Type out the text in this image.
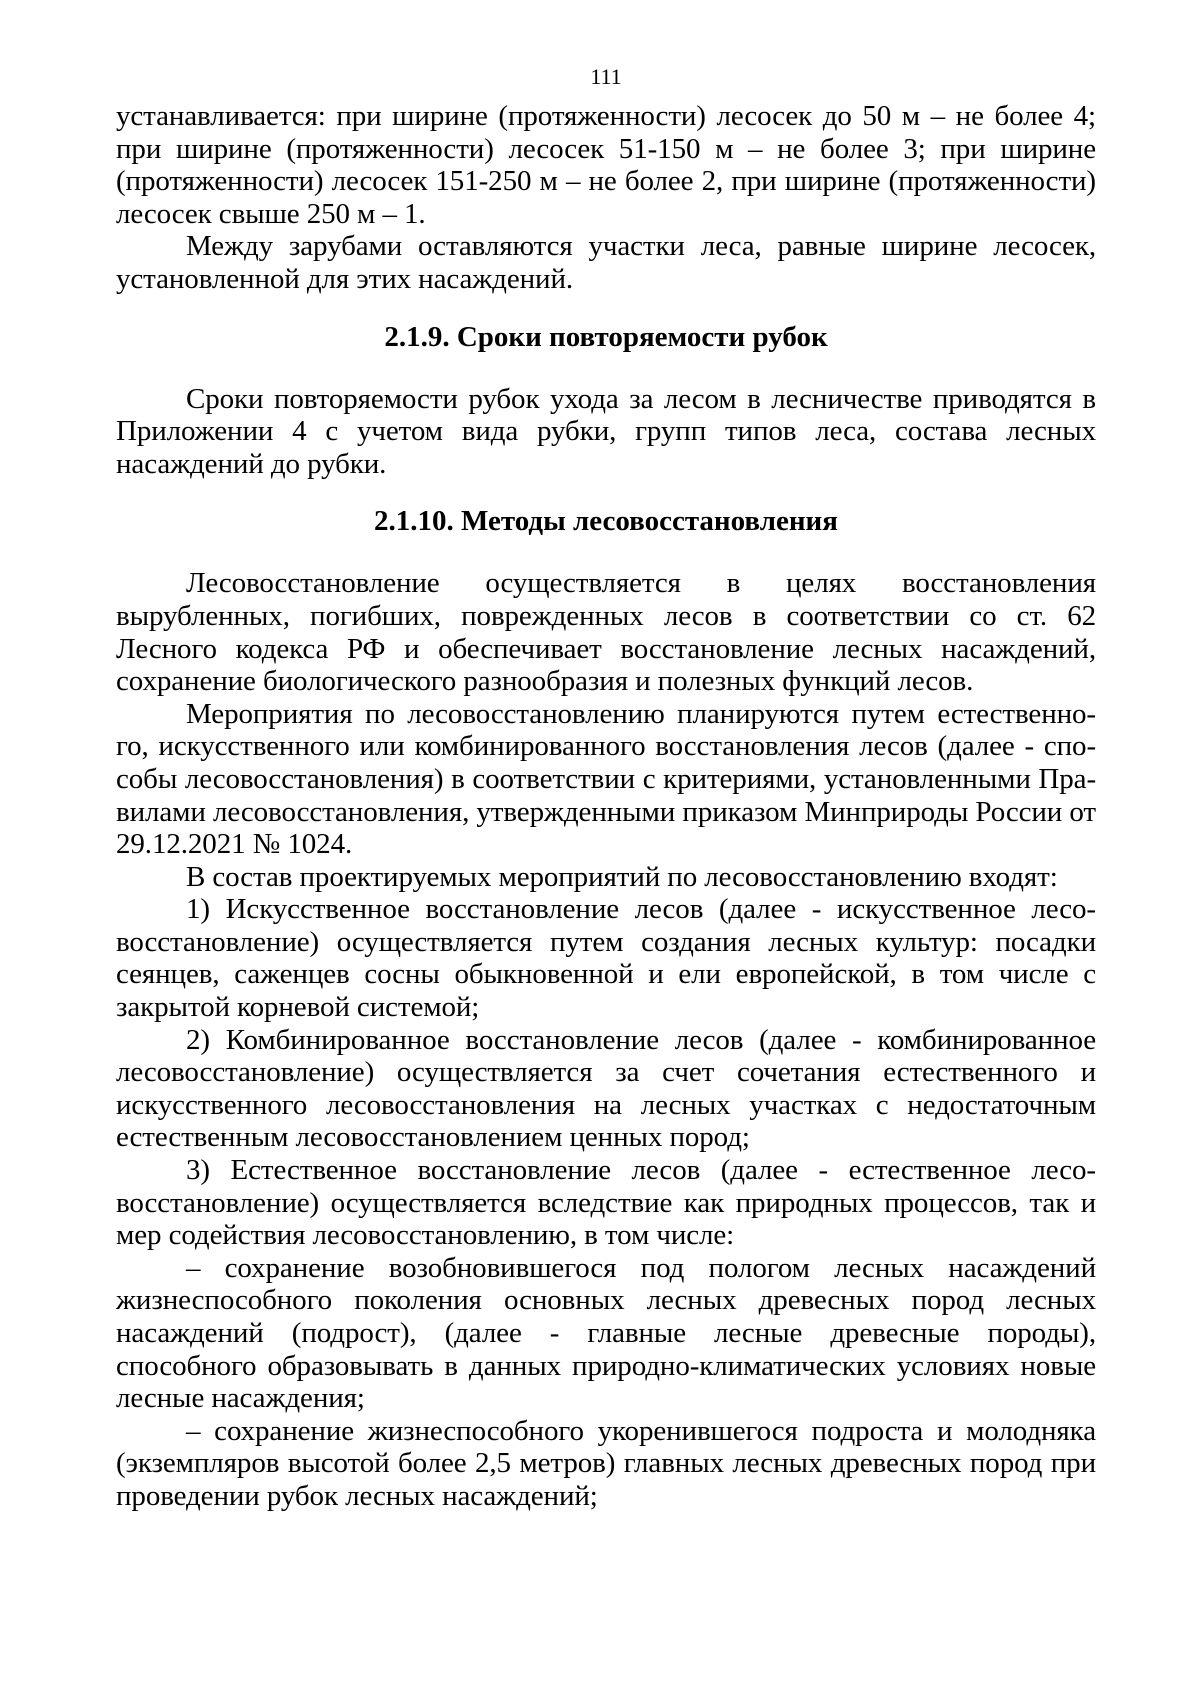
111

устанавливается: при ширине (протяженности) лесосек до 50 м – не более 4; при ширине (протяженности) лесосек 51-150 м – не более 3; при ширине (протяженности) лесосек 151-250 м – не более 2, при ширине (протяженности) лесосек свыше 250 м – 1.

Между зарубами оставляются участки леса, равные ширине лесосек, установленной для этих насаждений.

2.1.9. Сроки повторяемости рубок

Сроки повторяемости рубок ухода за лесом в лесничестве приводятся в Приложении 4 с учетом вида рубки, групп типов леса, состава лесных насаждений до рубки.

2.1.10. Методы лесовосстановления

Лесовосстановление осуществляется в целях восстановления вырубленных, погибших, поврежденных лесов в соответствии со ст. 62 Лесного кодекса РФ и обеспечивает восстановление лесных насаждений, сохранение биологического разнообразия и полезных функций лесов.

Мероприятия по лесовосстановлению планируются путем естественно-го, искусственного или комбинированного восстановления лесов (далее - спо-собы лесовосстановления) в соответствии с критериями, установленными Пра-вилами лесовосстановления, утвержденными приказом Минприроды России от 29.12.2021 № 1024.

В состав проектируемых мероприятий по лесовосстановлению входят:

1) Искусственное восстановление лесов (далее - искусственное лесо-восстановление) осуществляется путем создания лесных культур: посадки сеянцев, саженцев сосны обыкновенной и ели европейской, в том числе с закрытой корневой системой;

2) Комбинированное восстановление лесов (далее - комбинированное лесовосстановление) осуществляется за счет сочетания естественного и искусственного лесовосстановления на лесных участках с недостаточным естественным лесовосстановлением ценных пород;

3) Естественное восстановление лесов (далее - естественное лесо-восстановление) осуществляется вследствие как природных процессов, так и мер содействия лесовосстановлению, в том числе:

– сохранение возобновившегося под пологом лесных насаждений жизнеспособного поколения основных лесных древесных пород лесных насаждений (подрост), (далее - главные лесные древесные породы), способного образовывать в данных природно-климатических условиях новые лесные насаждения;

– сохранение жизнеспособного укоренившегося подроста и молодняка (экземпляров высотой более 2,5 метров) главных лесных древесных пород при проведении рубок лесных насаждений;
